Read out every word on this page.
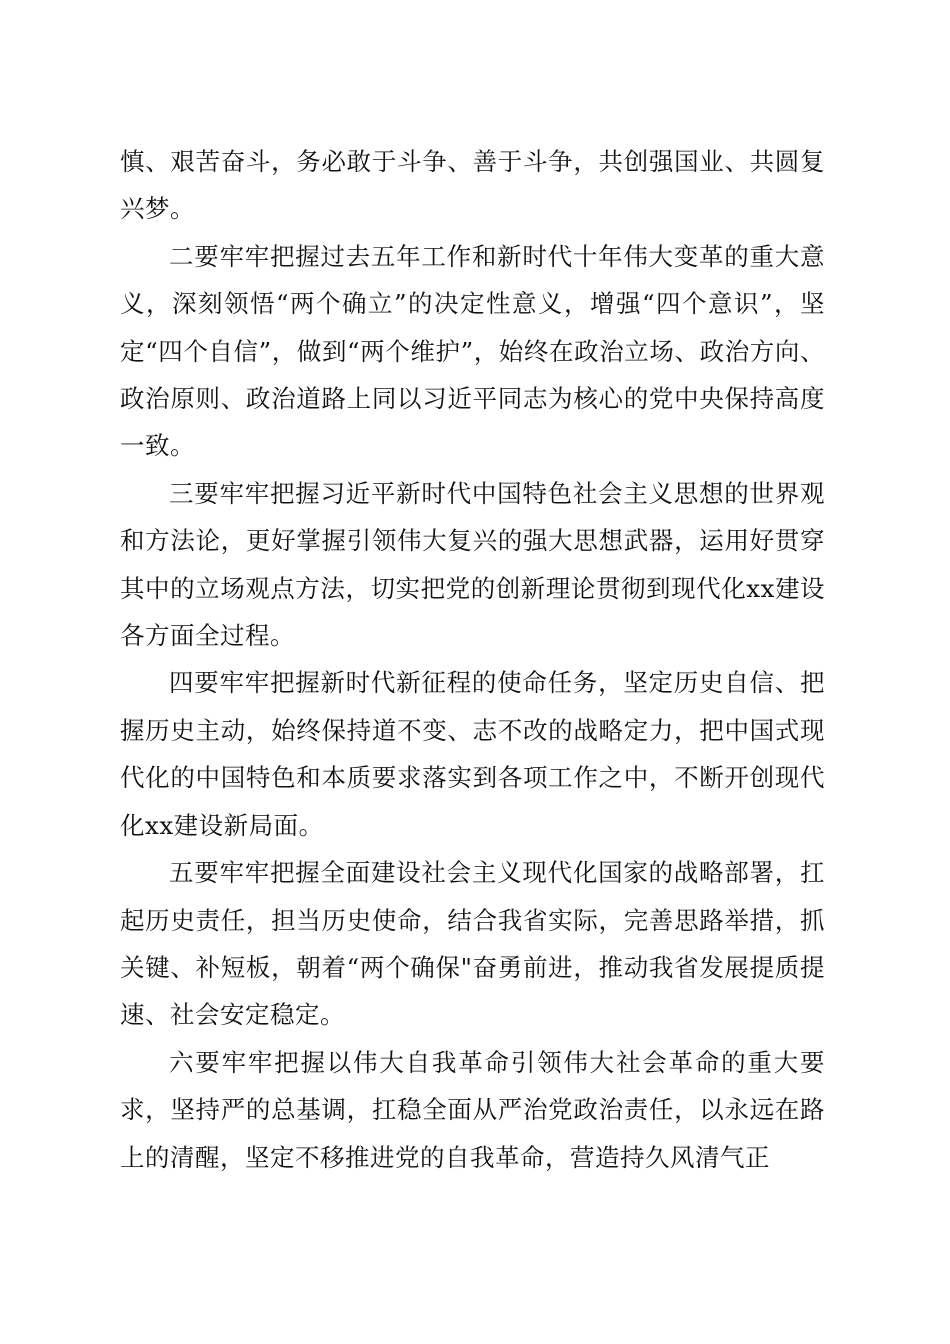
慎、艰苦奋斗，务必敢于斗争、善于斗争，共创强国业、共圆复兴梦。

二要牢牢把握过去五年工作和新时代十年伟大变革的重大意义，深刻领悟“两个确立”的决定性意义，增强“四个意识”，坚定“四个自信”，做到“两个维护”，始终在政治立场、政治方向、政治原则、政治道路上同以习近平同志为核心的党中央保持高度一致。

三要牢牢把握习近平新时代中国特色社会主义思想的世界观和方法论，更好掌握引领伟大复兴的强大思想武器，运用好贯穿其中的立场观点方法，切实把党的创新理论贯彻到现代化xx建设各方面全过程。

四要牢牢把握新时代新征程的使命任务，坚定历史自信、把握历史主动，始终保持道不变、志不改的战略定力，把中国式现代化的中国特色和本质要求落实到各项工作之中，不断开创现代化xx建设新局面。

五要牢牢把握全面建设社会主义现代化国家的战略部署，扛起历史责任，担当历史使命，结合我省实际，完善思路举措，抓关键、补短板，朝着“两个确保"奋勇前进，推动我省发展提质提速、社会安定稳定。

六要牢牢把握以伟大自我革命引领伟大社会革命的重大要求，坚持严的总基调，扛稳全面从严治党政治责任，以永远在路上的清醒，坚定不移推进党的自我革命，营造持久风清气正
